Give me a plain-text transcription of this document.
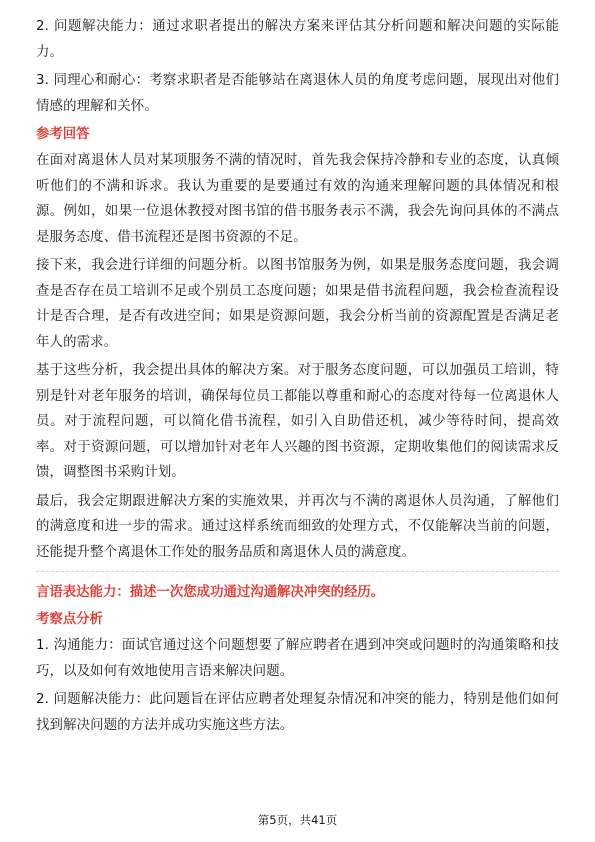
2. 问题解决能力：通过求职者提出的解决方案来评估其分析问题和解决问题的实际能力。

3. 同理心和耐心：考察求职者是否能够站在离退休人员的角度考虑问题，展现出对他们情感的理解和关怀。

参考回答

在面对离退休人员对某项服务不满的情况时，首先我会保持冷静和专业的态度，认真倾听他们的不满和诉求。我认为重要的是要通过有效的沟通来理解问题的具体情况和根源。例如，如果一位退休教授对图书馆的借书服务表示不满，我会先询问具体的不满点是服务态度、借书流程还是图书资源的不足。

接下来，我会进行详细的问题分析。以图书馆服务为例，如果是服务态度问题，我会调查是否存在员工培训不足或个别员工态度问题；如果是借书流程问题，我会检查流程设计是否合理，是否有改进空间；如果是资源问题，我会分析当前的资源配置是否满足老年人的需求。

基于这些分析，我会提出具体的解决方案。对于服务态度问题，可以加强员工培训，特别是针对老年服务的培训，确保每位员工都能以尊重和耐心的态度对待每一位离退休人员。对于流程问题，可以简化借书流程，如引入自助借还机，减少等待时间，提高效率。对于资源问题，可以增加针对老年人兴趣的图书资源，定期收集他们的阅读需求反馈，调整图书采购计划。

最后，我会定期跟进解决方案的实施效果，并再次与不满的离退休人员沟通，了解他们的满意度和进一步的需求。通过这样系统而细致的处理方式，不仅能解决当前的问题，还能提升整个离退休工作处的服务品质和离退休人员的满意度。

言语表达能力：描述一次您成功通过沟通解决冲突的经历。
考察点分析

1. 沟通能力：面试官通过这个问题想要了解应聘者在遇到冲突或问题时的沟通策略和技巧，以及如何有效地使用言语来解决问题。

2. 问题解决能力：此问题旨在评估应聘者处理复杂情况和冲突的能力，特别是他们如何找到解决问题的方法并成功实施这些方法。

第5页，共41页
